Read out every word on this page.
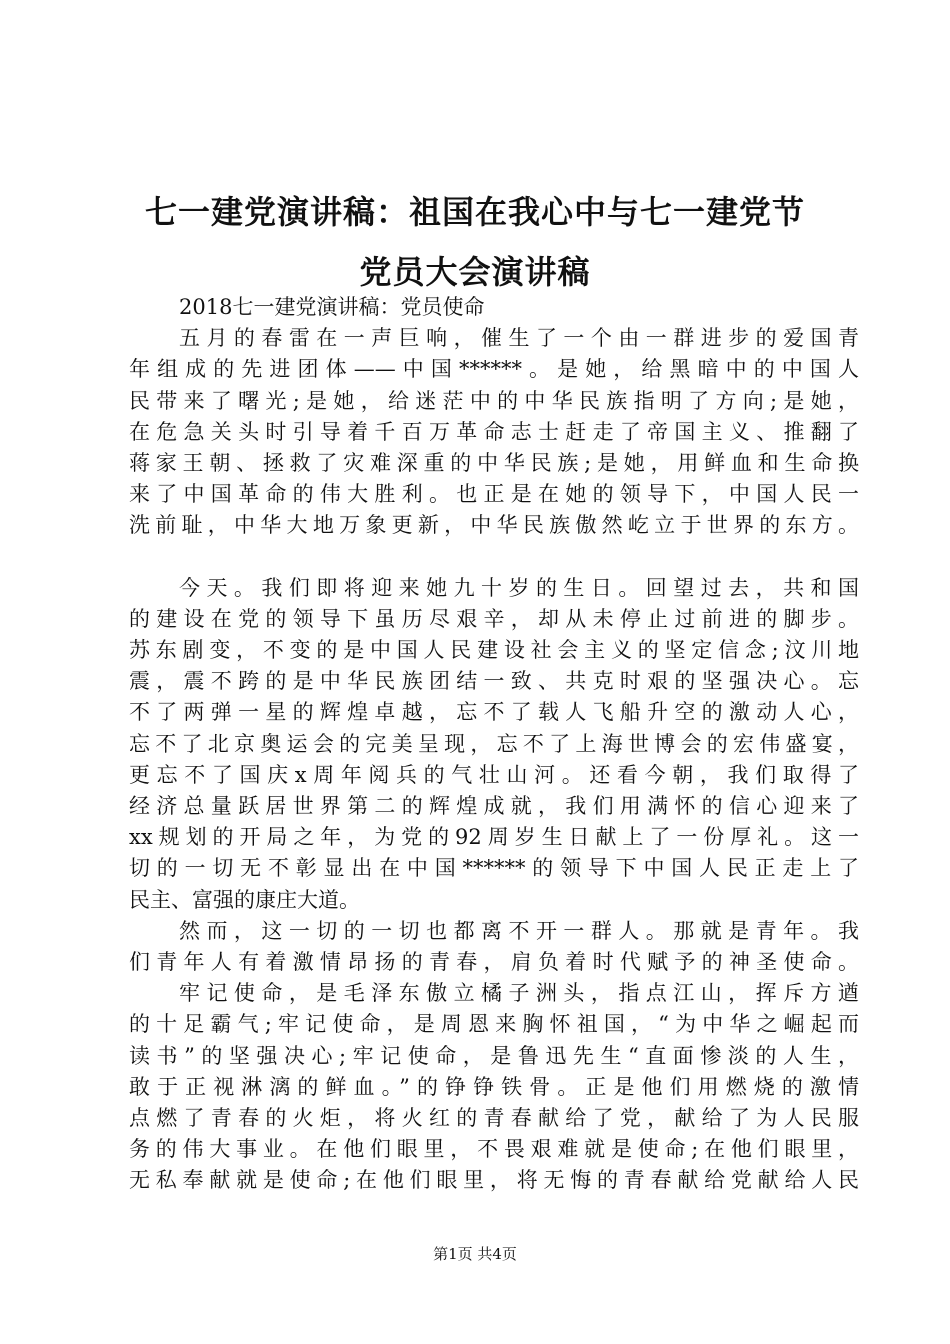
七一建党演讲稿：祖国在我心中与七一建党节
党员大会演讲稿
2018七一建党演讲稿：党员使命
五月的春雷在一声巨响，催生了一个由一群进步的爱国青
年组成的先进团体——中国******。是她，给黑暗中的中国人
民带来了曙光;是她，给迷茫中的中华民族指明了方向;是她，
在危急关头时引导着千百万革命志士赶走了帝国主义、推翻了
蒋家王朝、拯救了灾难深重的中华民族;是她，用鲜血和生命换
来了中国革命的伟大胜利。也正是在她的领导下，中国人民一
洗前耻，中华大地万象更新，中华民族傲然屹立于世界的东方。
今天。我们即将迎来她九十岁的生日。回望过去，共和国
的建设在党的领导下虽历尽艰辛，却从未停止过前进的脚步。
苏东剧变，不变的是中国人民建设社会主义的坚定信念;汶川地
震，震不跨的是中华民族团结一致、共克时艰的坚强决心。忘
不了两弹一星的辉煌卓越，忘不了载人飞船升空的激动人心，
忘不了北京奥运会的完美呈现，忘不了上海世博会的宏伟盛宴，
更忘不了国庆x周年阅兵的气壮山河。还看今朝，我们取得了
经济总量跃居世界第二的辉煌成就，我们用满怀的信心迎来了
xx规划的开局之年，为党的92周岁生日献上了一份厚礼。这一
切的一切无不彰显出在中国******的领导下中国人民正走上了
民主、富强的康庄大道。
然而，这一切的一切也都离不开一群人。那就是青年。我
们青年人有着激情昂扬的青春，肩负着时代赋予的神圣使命。
牢记使命，是毛泽东傲立橘子洲头，指点江山，挥斥方遒
的十足霸气;牢记使命，是周恩来胸怀祖国，“为中华之崛起而
读书”的坚强决心;牢记使命，是鲁迅先生“直面惨淡的人生，
敢于正视淋漓的鲜血。”的铮铮铁骨。正是他们用燃烧的激情
点燃了青春的火炬，将火红的青春献给了党，献给了为人民服
务的伟大事业。在他们眼里，不畏艰难就是使命;在他们眼里，
无私奉献就是使命;在他们眼里，将无悔的青春献给党献给人民
第1页 共4页
